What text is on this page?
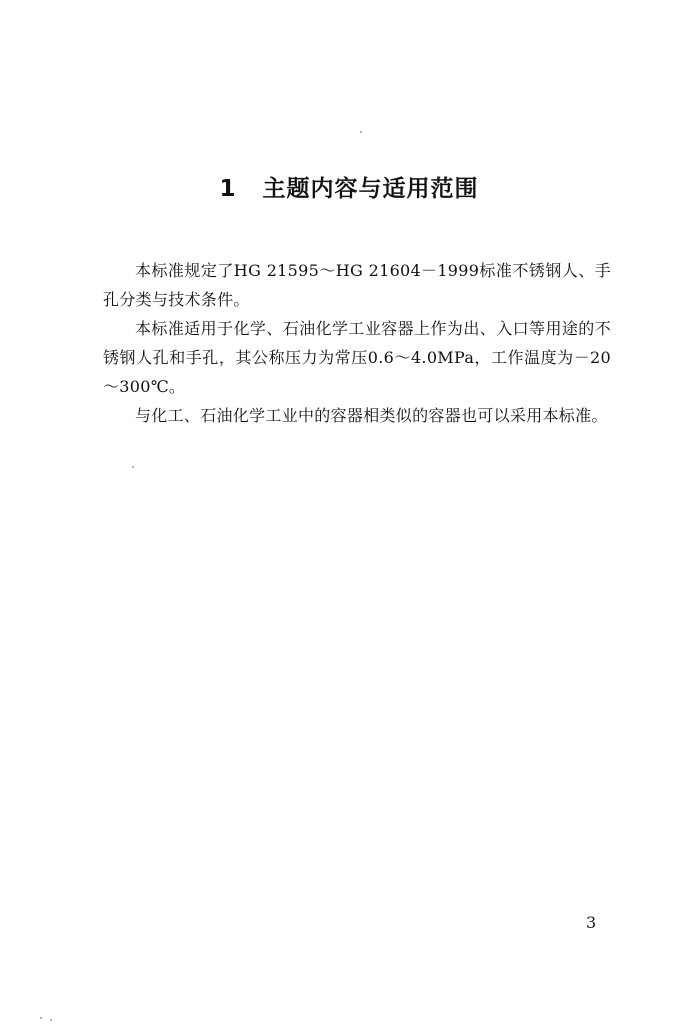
1 主题内容与适用范围

本标准规定了HG 21595～HG 21604－1999标准不锈钢人、手孔分类与技术条件。

本标准适用于化学、石油化学工业容器上作为出、入口等用途的不锈钢人孔和手孔，其公称压力为常压0.6～4.0MPa，工作温度为－20～300℃。

与化工、石油化学工业中的容器相类似的容器也可以采用本标准。

3
